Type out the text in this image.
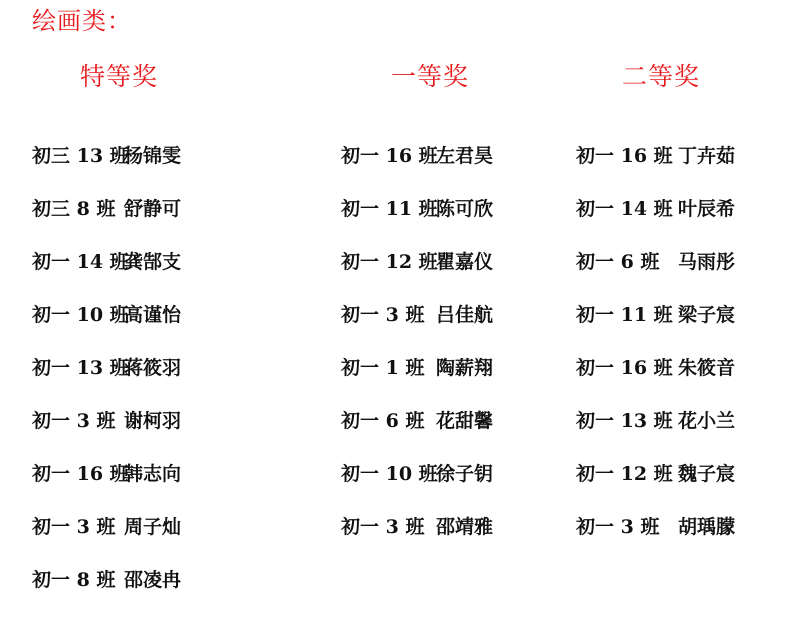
绘画类：
特等奖	一等奖	二等奖
初三 13 班
杨锦雯
初三 8 班 舒静可
初一 14 班
龚郜支
初一 10 班
高谨怡
初一 13 班
蒋筱羽
初一 3 班 谢柯羽
初一 16 班
韩志向
初一 3 班 周子灿
初一 8 班 邵凌冉
初一 16 班
左君昊
初一 11 班
陈可欣
初一 12 班
瞿嘉仪
初一 3 班 吕佳航
初一 1 班 陶薪翔
初一 6 班 花甜馨
初一 10 班
徐子钥
初一 3 班 邵靖雅
初一 16 班 丁卉茹
初一 14 班 叶辰希
初一 6 班 马雨彤
初一 11 班 梁子宸
初一 16 班 朱筱音
初一 13 班 花小兰
初一 12 班 魏子宸
初一 3 班 胡瑀朦
